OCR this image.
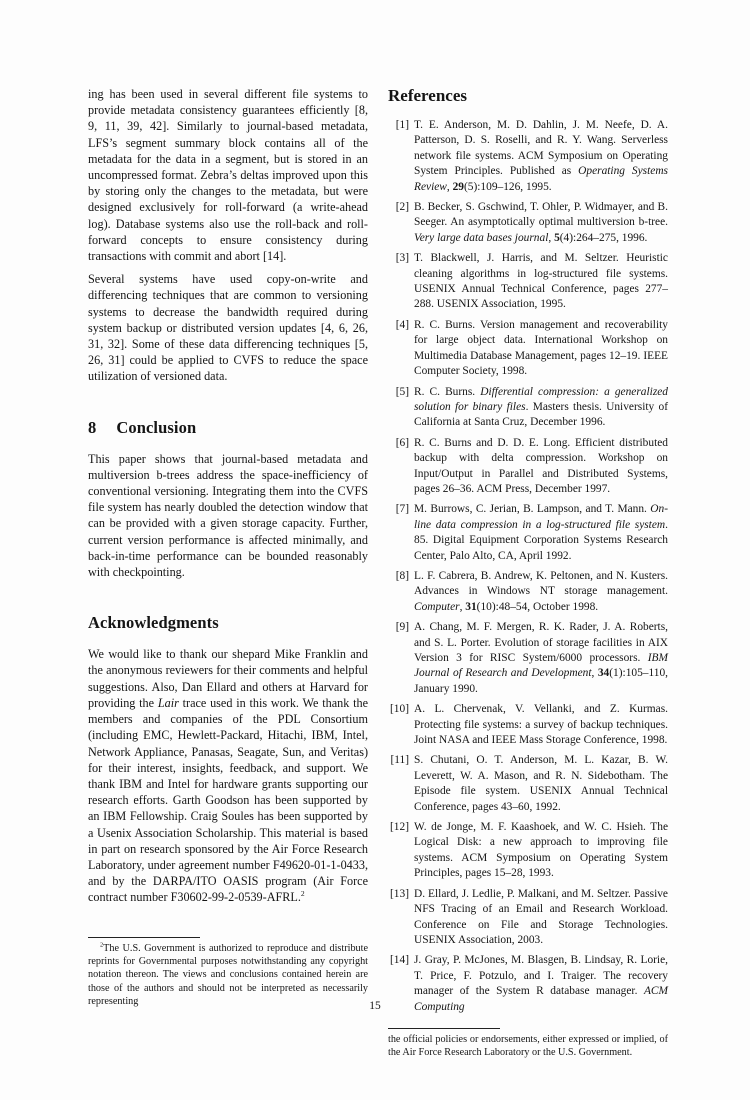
ing has been used in several different file systems to provide metadata consistency guarantees efficiently [8, 9, 11, 39, 42]. Similarly to journal-based metadata, LFS’s segment summary block contains all of the metadata for the data in a segment, but is stored in an uncompressed format. Zebra’s deltas improved upon this by storing only the changes to the metadata, but were designed exclusively for roll-forward (a write-ahead log). Database systems also use the roll-back and roll-forward concepts to ensure consistency during transactions with commit and abort [14].

Several systems have used copy-on-write and differencing techniques that are common to versioning systems to decrease the bandwidth required during system backup or distributed version updates [4, 6, 26, 31, 32]. Some of these data differencing techniques [5, 26, 31] could be applied to CVFS to reduce the space utilization of versioned data.

8 Conclusion

This paper shows that journal-based metadata and multiversion b-trees address the space-inefficiency of conventional versioning. Integrating them into the CVFS file system has nearly doubled the detection window that can be provided with a given storage capacity. Further, current version performance is affected minimally, and back-in-time performance can be bounded reasonably with checkpointing.

Acknowledgments

We would like to thank our shepard Mike Franklin and the anonymous reviewers for their comments and helpful suggestions. Also, Dan Ellard and others at Harvard for providing the Lair trace used in this work. We thank the members and companies of the PDL Consortium (including EMC, Hewlett-Packard, Hitachi, IBM, Intel, Network Appliance, Panasas, Seagate, Sun, and Veritas) for their interest, insights, feedback, and support. We thank IBM and Intel for hardware grants supporting our research efforts. Garth Goodson has been supported by an IBM Fellowship. Craig Soules has been supported by a Usenix Association Scholarship. This material is based in part on research sponsored by the Air Force Research Laboratory, under agreement number F49620-01-1-0433, and by the DARPA/ITO OASIS program (Air Force contract number F30602-99-2-0539-AFRL.$^2$

$^2$The U.S. Government is authorized to reproduce and distribute reprints for Governmental purposes notwithstanding any copyright notation thereon. The views and conclusions contained herein are those of the authors and should not be interpreted as necessarily representing

References
[1] T. E. Anderson, M. D. Dahlin, J. M. Neefe, D. A. Patterson, D. S. Roselli, and R. Y. Wang. Serverless network file systems. ACM Symposium on Operating System Principles. Published as Operating Systems Review, 29(5):109–126, 1995.
[2] B. Becker, S. Gschwind, T. Ohler, P. Widmayer, and B. Seeger. An asymptotically optimal multiversion b-tree. Very large data bases journal, 5(4):264–275, 1996.
[3] T. Blackwell, J. Harris, and M. Seltzer. Heuristic cleaning algorithms in log-structured file systems. USENIX Annual Technical Conference, pages 277–288. USENIX Association, 1995.
[4] R. C. Burns. Version management and recoverability for large object data. International Workshop on Multimedia Database Management, pages 12–19. IEEE Computer Society, 1998.
[5] R. C. Burns. Differential compression: a generalized solution for binary files. Masters thesis. University of California at Santa Cruz, December 1996.
[6] R. C. Burns and D. D. E. Long. Efficient distributed backup with delta compression. Workshop on Input/Output in Parallel and Distributed Systems, pages 26–36. ACM Press, December 1997.
[7] M. Burrows, C. Jerian, B. Lampson, and T. Mann. On-line data compression in a log-structured file system. 85. Digital Equipment Corporation Systems Research Center, Palo Alto, CA, April 1992.
[8] L. F. Cabrera, B. Andrew, K. Peltonen, and N. Kusters. Advances in Windows NT storage management. Computer, 31(10):48–54, October 1998.
[9] A. Chang, M. F. Mergen, R. K. Rader, J. A. Roberts, and S. L. Porter. Evolution of storage facilities in AIX Version 3 for RISC System/6000 processors. IBM Journal of Research and Development, 34(1):105–110, January 1990.
[10] A. L. Chervenak, V. Vellanki, and Z. Kurmas. Protecting file systems: a survey of backup techniques. Joint NASA and IEEE Mass Storage Conference, 1998.
[11] S. Chutani, O. T. Anderson, M. L. Kazar, B. W. Leverett, W. A. Mason, and R. N. Sidebotham. The Episode file system. USENIX Annual Technical Conference, pages 43–60, 1992.
[12] W. de Jonge, M. F. Kaashoek, and W. C. Hsieh. The Logical Disk: a new approach to improving file systems. ACM Symposium on Operating System Principles, pages 15–28, 1993.
[13] D. Ellard, J. Ledlie, P. Malkani, and M. Seltzer. Passive NFS Tracing of an Email and Research Workload. Conference on File and Storage Technologies. USENIX Association, 2003.
[14] J. Gray, P. McJones, M. Blasgen, B. Lindsay, R. Lorie, T. Price, F. Potzulo, and I. Traiger. The recovery manager of the System R database manager. ACM Computing

the official policies or endorsements, either expressed or implied, of the Air Force Research Laboratory or the U.S. Government.

15
